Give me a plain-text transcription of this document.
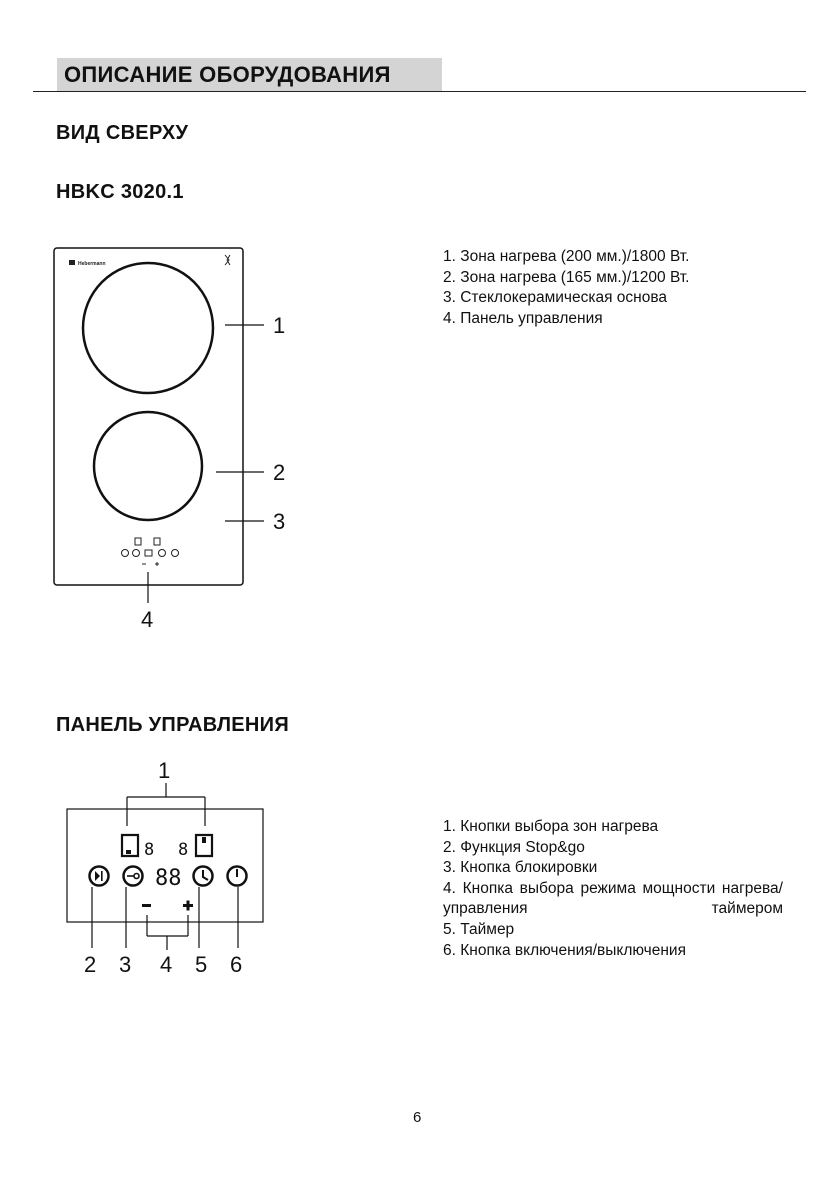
ОПИСАНИЕ ОБОРУДОВАНИЯ
ВИД СВЕРХУ
HBKC 3020.1
1. Зона нагрева (200 мм.)/1800 Вт.
2. Зона нагрева (165 мм.)/1200 Вт.
3. Стеклокерамическая основа
4. Панель управления
Hebermann
1
2
3
4
ПАНЕЛЬ УПРАВЛЕНИЯ
1
8 8
88
2 3 4 5 6
1. Кнопки выбора зон нагрева
2. Функция Stop&go
3. Кнопка блокировки
4. Кнопка выбора режима мощности нагрева/ управления таймером
5. Таймер
6. Кнопка включения/выключения
6
